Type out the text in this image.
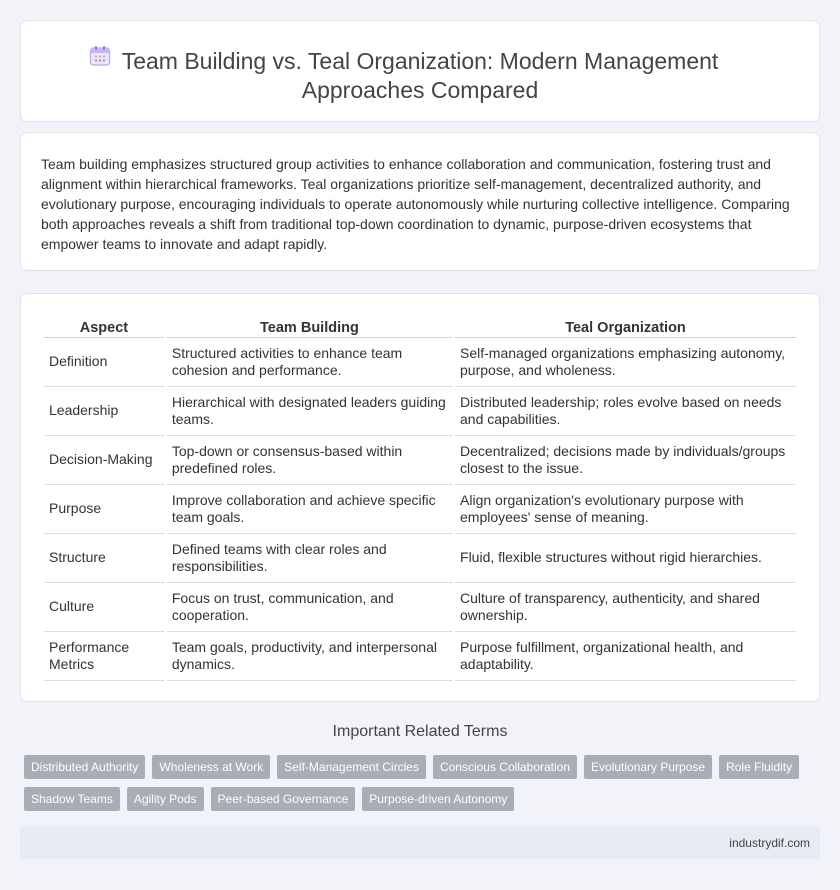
Team Building vs. Teal Organization: Modern Management
Approaches Compared

Team building emphasizes structured group activities to enhance collaboration and communication, fostering trust and alignment within hierarchical frameworks. Teal organizations prioritize self-management, decentralized authority, and evolutionary purpose, encouraging individuals to operate autonomously while nurturing collective intelligence. Comparing both approaches reveals a shift from traditional top-down coordination to dynamic, purpose-driven ecosystems that empower teams to innovate and adapt rapidly.

Aspect	Team Building	Teal Organization
Definition	Structured activities to enhance team cohesion and performance.	Self-managed organizations emphasizing autonomy, purpose, and wholeness.
Leadership	Hierarchical with designated leaders guiding teams.	Distributed leadership; roles evolve based on needs and capabilities.
Decision-Making	Top-down or consensus-based within predefined roles.	Decentralized; decisions made by individuals/groups closest to the issue.
Purpose	Improve collaboration and achieve specific team goals.	Align organization's evolutionary purpose with employees' sense of meaning.
Structure	Defined teams with clear roles and responsibilities.	Fluid, flexible structures without rigid hierarchies.
Culture	Focus on trust, communication, and cooperation.	Culture of transparency, authenticity, and shared ownership.
Performance Metrics	Team goals, productivity, and interpersonal dynamics.	Purpose fulfillment, organizational health, and adaptability.
Important Related Terms
Distributed Authority	Wholeness at Work	Self-Management Circles	Conscious Collaboration	Evolutionary Purpose	Role Fluidity
Shadow Teams	Agility Pods	Peer-based Governance	Purpose-driven Autonomy
industrydif.com
